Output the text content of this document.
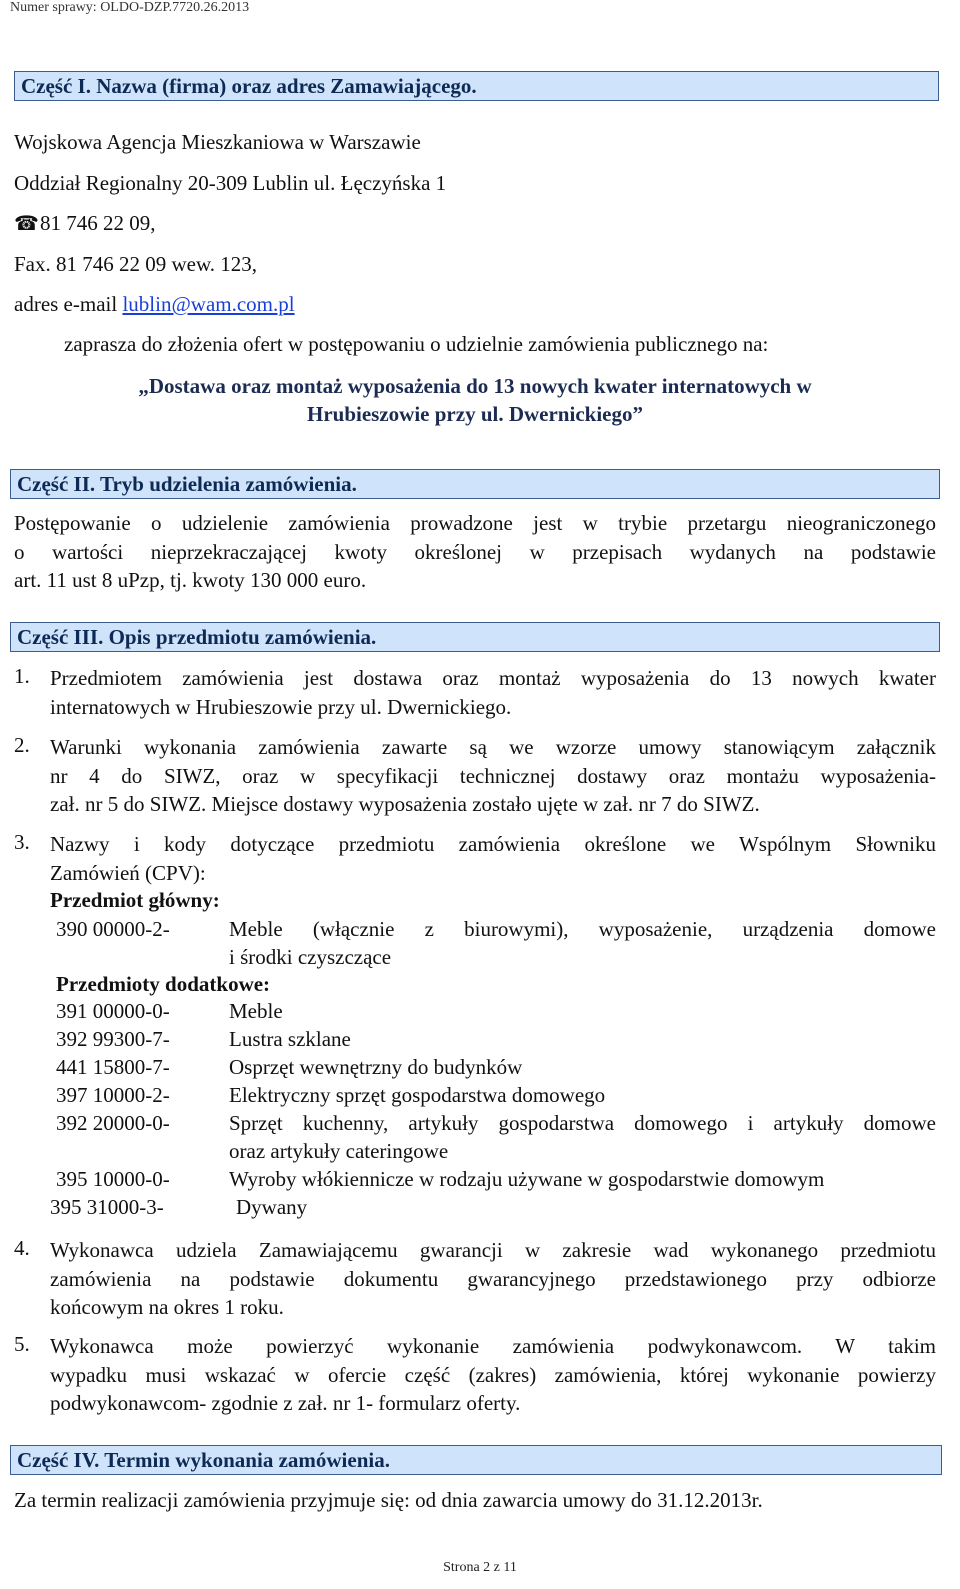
Numer sprawy: OLDO-DZP.7720.26.2013
Część I. Nazwa (firma) oraz adres Zamawiającego.
Wojskowa Agencja Mieszkaniowa w Warszawie
Oddział Regionalny 20-309 Lublin ul. Łęczyńska 1
☎81 746 22 09,
Fax. 81 746 22 09 wew. 123,
adres e-mail lublin@wam.com.pl
zaprasza do złożenia ofert w postępowaniu o udzielnie zamówienia publicznego na:
„Dostawa oraz montaż wyposażenia do 13 nowych kwater internatowych w
Hrubieszowie przy ul. Dwernickiego”
Część II. Tryb udzielenia zamówienia.
Postępowanie o udzielenie zamówienia prowadzone jest w trybie przetargu nieograniczonego
o wartości nieprzekraczającej kwoty określonej w przepisach wydanych na podstawie
art. 11 ust 8 uPzp, tj. kwoty 130 000 euro.
Część III. Opis przedmiotu zamówienia.
1. Przedmiotem zamówienia jest dostawa oraz montaż wyposażenia do 13 nowych kwater
internatowych w Hrubieszowie przy ul. Dwernickiego.
2. Warunki wykonania zamówienia zawarte są we wzorze umowy stanowiącym załącznik
nr 4 do SIWZ, oraz w specyfikacji technicznej dostawy oraz montażu wyposażenia-
zał. nr 5 do SIWZ. Miejsce dostawy wyposażenia zostało ujęte w zał. nr 7 do SIWZ.
3. Nazwy i kody dotyczące przedmiotu zamówienia określone we Wspólnym Słowniku
Zamówień (CPV):
Przedmiot główny:
390 00000-2-	Meble (włącznie z biurowymi), wyposażenie, urządzenia domowe
i środki czyszczące
Przedmioty dodatkowe:
391 00000-0-	Meble
392 99300-7-	Lustra szklane
441 15800-7-	Osprzęt wewnętrzny do budynków
397 10000-2-	Elektryczny sprzęt gospodarstwa domowego
392 20000-0-	Sprzęt kuchenny, artykuły gospodarstwa domowego i artykuły domowe
oraz artykuły cateringowe
395 10000-0-	Wyroby włókiennicze w rodzaju używane w gospodarstwie domowym
395 31000-3-	Dywany
4. Wykonawca udziela Zamawiającemu gwarancji w zakresie wad wykonanego przedmiotu
zamówienia na podstawie dokumentu gwarancyjnego przedstawionego przy odbiorze
końcowym na okres 1 roku.
5. Wykonawca może powierzyć wykonanie zamówienia podwykonawcom. W takim
wypadku musi wskazać w ofercie część (zakres) zamówienia, której wykonanie powierzy
podwykonawcom- zgodnie z zał. nr 1- formularz oferty.
Część IV. Termin wykonania zamówienia.
Za termin realizacji zamówienia przyjmuje się: od dnia zawarcia umowy do 31.12.2013r.
Strona 2 z 11
